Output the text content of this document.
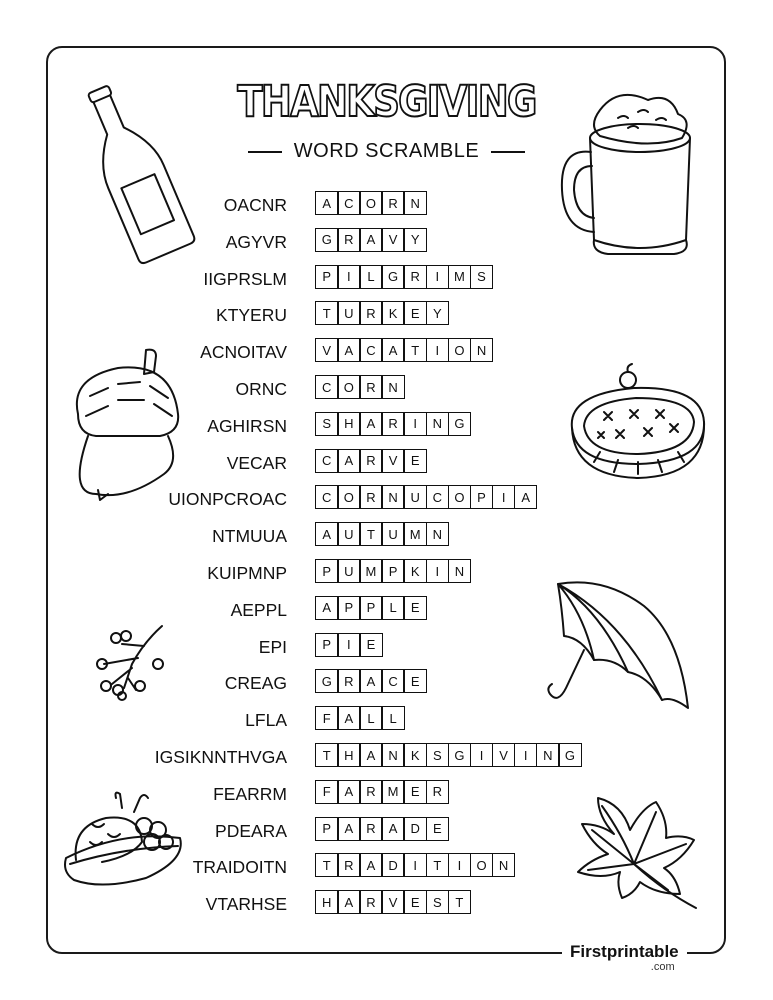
THANKSGIVING
WORD SCRAMBLE
OACNR	A	C O R N
AGYVR	G R	A	V	Y
IIGPRSLM	P	I	L	G R	I	M S
KTYERU	T	U R	K	E	Y
ACNOITAV	V	A	C	A	T	I	O N
ORNC	C O R N
AGHIRSN	S	H	A	R	I	N G
VECAR	C	A	R	V	E
UIONPCROAC	C O R N U C O P	I	A
NTMUUA	A	U	T	U M N
KUIPMNP	P	U M P	K	I	N
AEPPL	A	P	P	L	E
EPI	P	I	E
CREAG	G R	A	C	E
LFLA	F	A	L	L
IGSIKNNTHVGA	T	H	A	N	K	S G	I	V	I	N G
FEARRM	F	A	R M E	R
PDEARA	P	A	R	A	D	E
TRAIDOITN	T	R	A	D	I	T	I	O N
VTARHSE	H	A	R	V	E	S	T
Firstprintable
.com
